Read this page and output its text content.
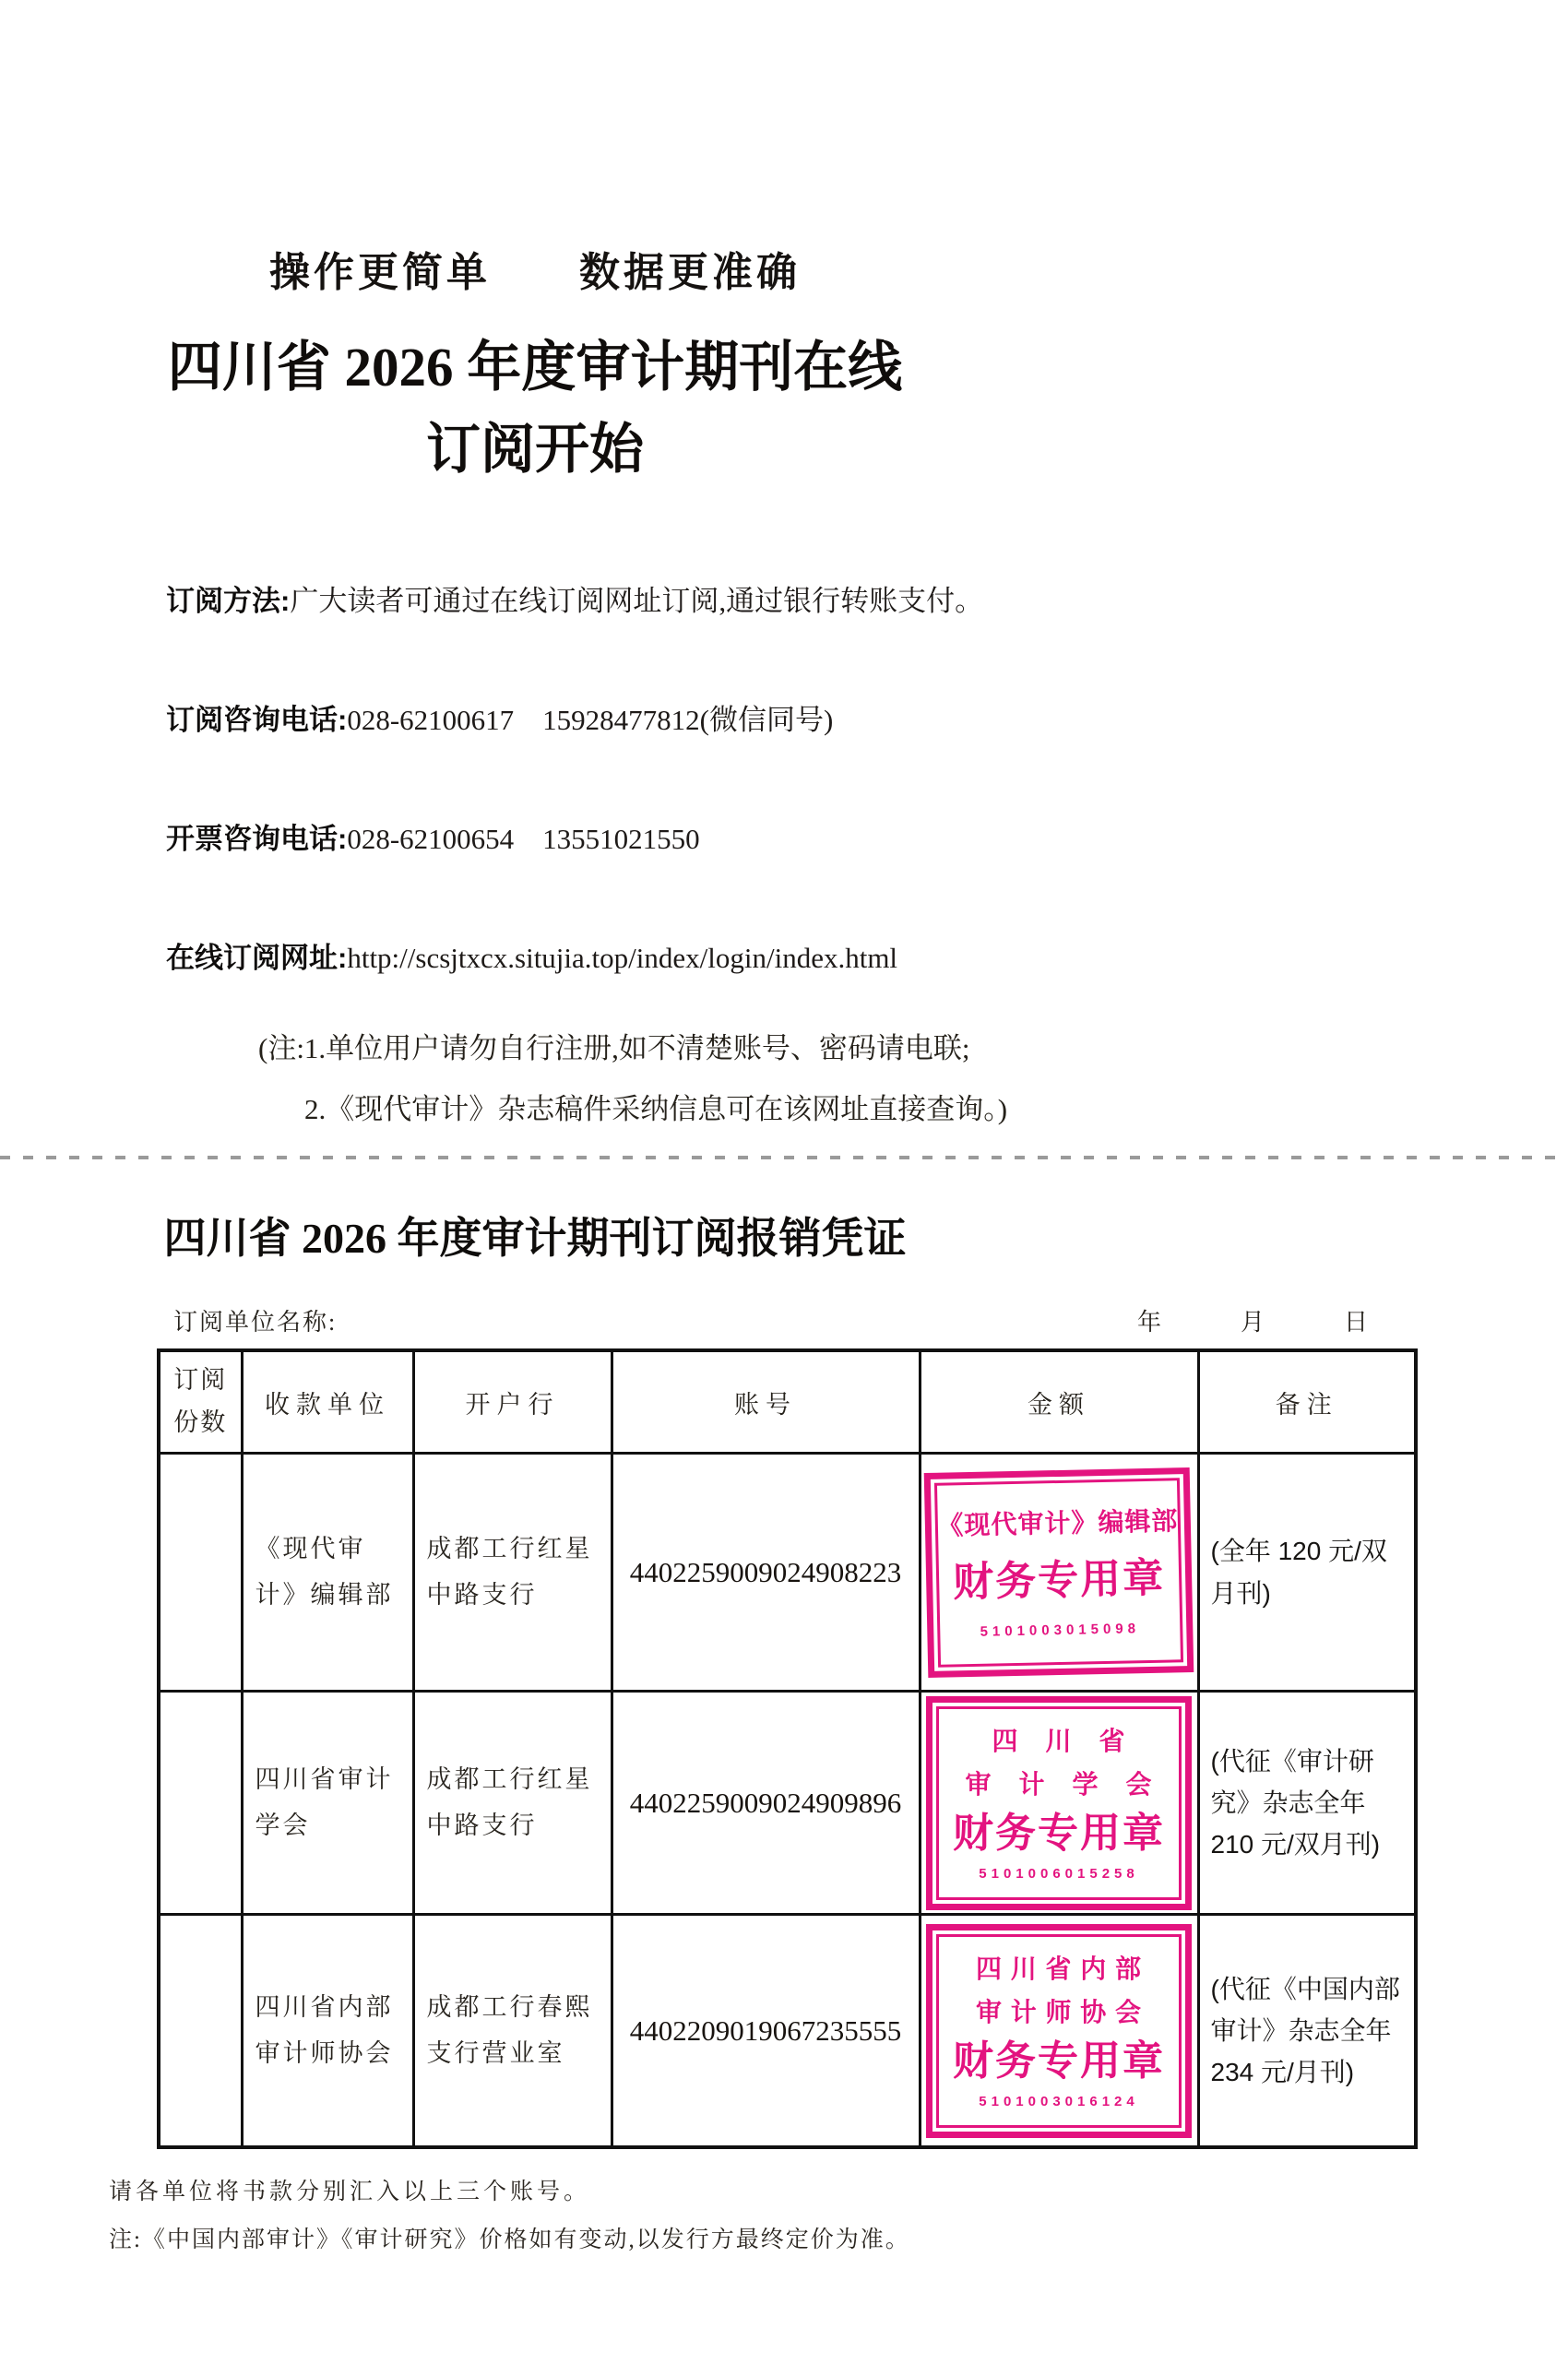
操作更简单　　数据更准确
四川省 2026 年度审计期刊在线
订阅开始

订阅方法:广大读者可通过在线订阅网址订阅,通过银行转账支付。

订阅咨询电话:028-62100617    15928477812(微信同号)

开票咨询电话:028-62100654    13551021550

在线订阅网址:http://scsjtxcx.situjia.top/index/login/index.html

(注:1.单位用户请勿自行注册,如不清楚账号、密码请电联;
2.《现代审计》杂志稿件采纳信息可在该网址直接查询。)
四川省 2026 年度审计期刊订阅报销凭证
订阅单位名称:	年　　　月　　　日
订阅份数	收款单位	开户行	账号	金额	备注
	《现代审计》编辑部	成都工行红星中路支行	4402259009024908223	《现代审计》编辑部
财务专用章
5101003015098	(全年 120 元/双月刊)
	四川省审计学会	成都工行红星中路支行	4402259009024909896	四　川　省
审　计　学　会
财务专用章
5101006015258	(代征《审计研究》杂志全年 210 元/双月刊)
	四川省内部审计师协会	成都工行春熙支行营业室	4402209019067235555	四 川 省 内 部
审 计 师 协 会
财务专用章
5101003016124	(代征《中国内部审计》杂志全年 234 元/月刊)
请各单位将书款分别汇入以上三个账号。
注:《中国内部审计》《审计研究》价格如有变动,以发行方最终定价为准。
